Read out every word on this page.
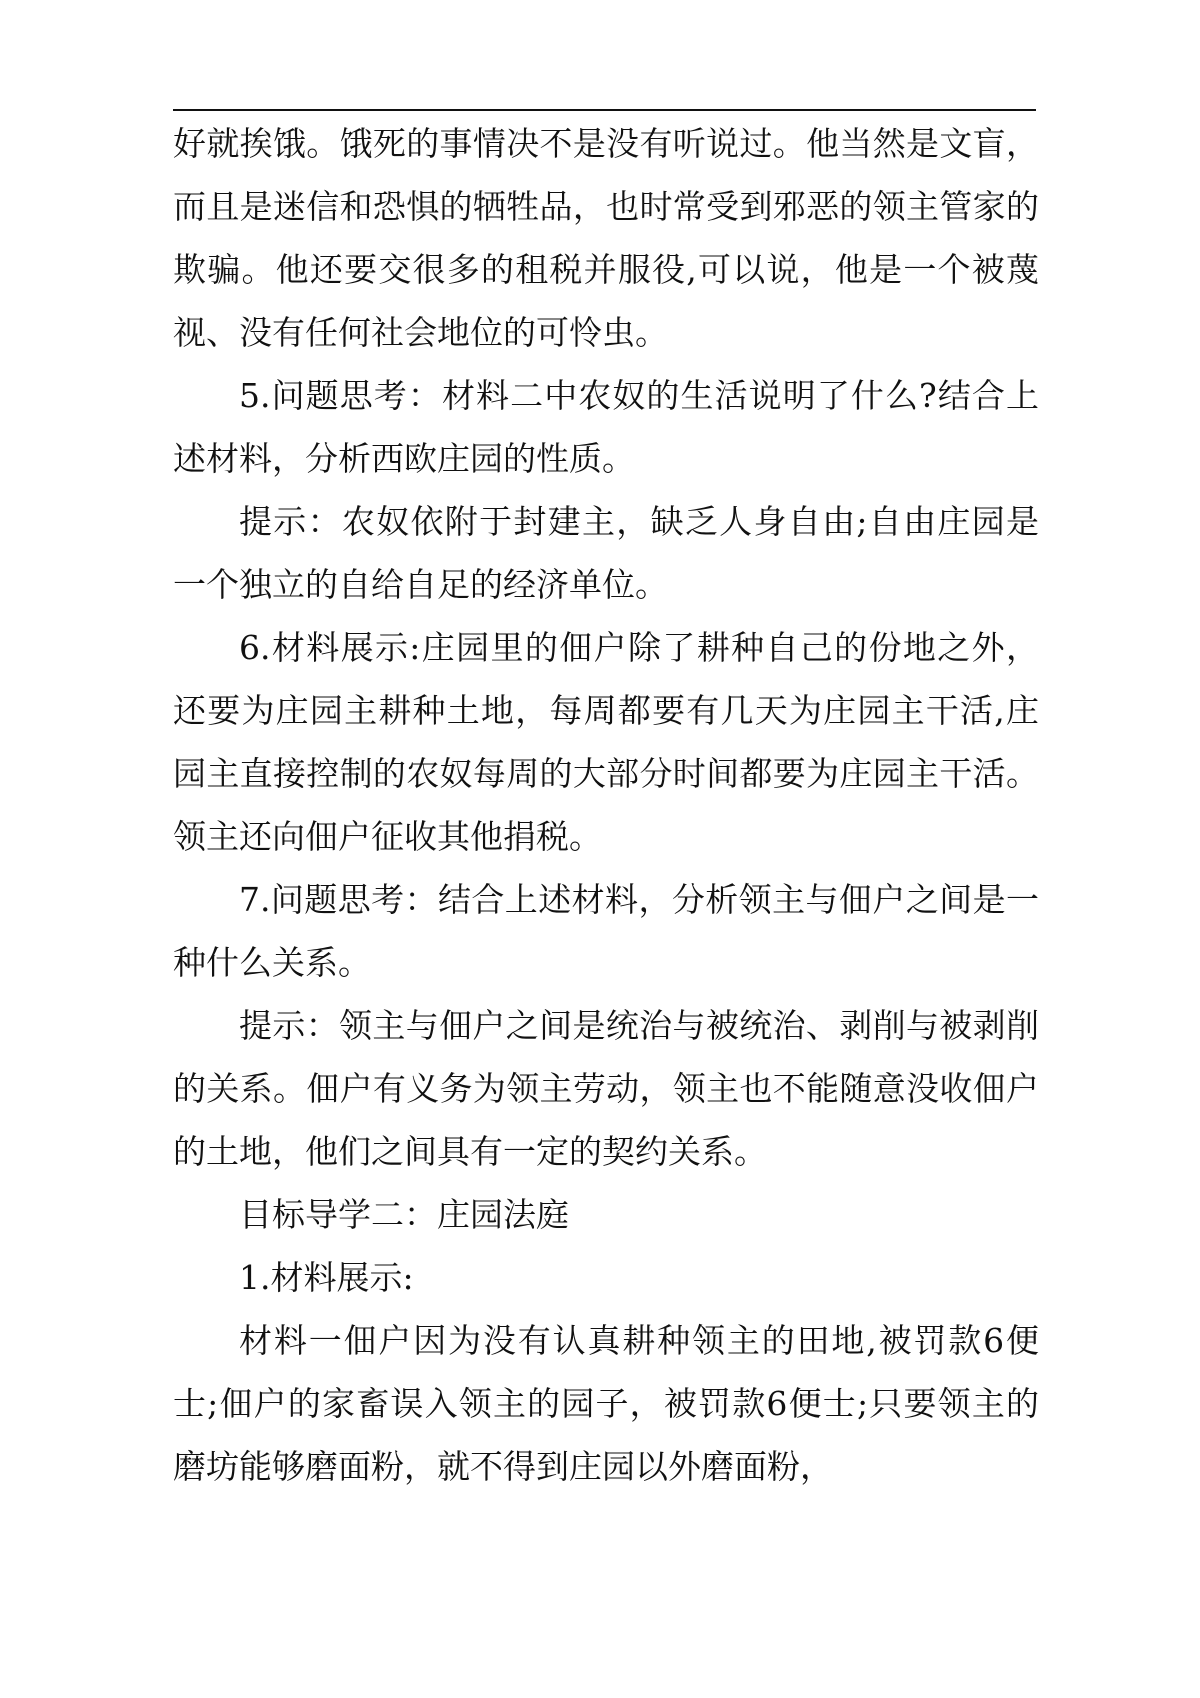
好就挨饿。饿死的事情决不是没有听说过。他当然是文盲，而且是迷信和恐惧的牺牲品，也时常受到邪恶的领主管家的欺骗。他还要交很多的租税并服役,可以说，他是一个被蔑视、没有任何社会地位的可怜虫。

5.问题思考：材料二中农奴的生活说明了什么?结合上述材料，分析西欧庄园的性质。

提示：农奴依附于封建主，缺乏人身自由;自由庄园是一个独立的自给自足的经济单位。

6.材料展示:庄园里的佃户除了耕种自己的份地之外，还要为庄园主耕种土地，每周都要有几天为庄园主干活,庄园主直接控制的农奴每周的大部分时间都要为庄园主干活。领主还向佃户征收其他捐税。

7.问题思考：结合上述材料，分析领主与佃户之间是一种什么关系。

提示：领主与佃户之间是统治与被统治、剥削与被剥削的关系。佃户有义务为领主劳动，领主也不能随意没收佃户的土地，他们之间具有一定的契约关系。

目标导学二：庄园法庭

1.材料展示:

材料一佃户因为没有认真耕种领主的田地,被罚款6便士;佃户的家畜误入领主的园子，被罚款6便士;只要领主的磨坊能够磨面粉，就不得到庄园以外磨面粉，
